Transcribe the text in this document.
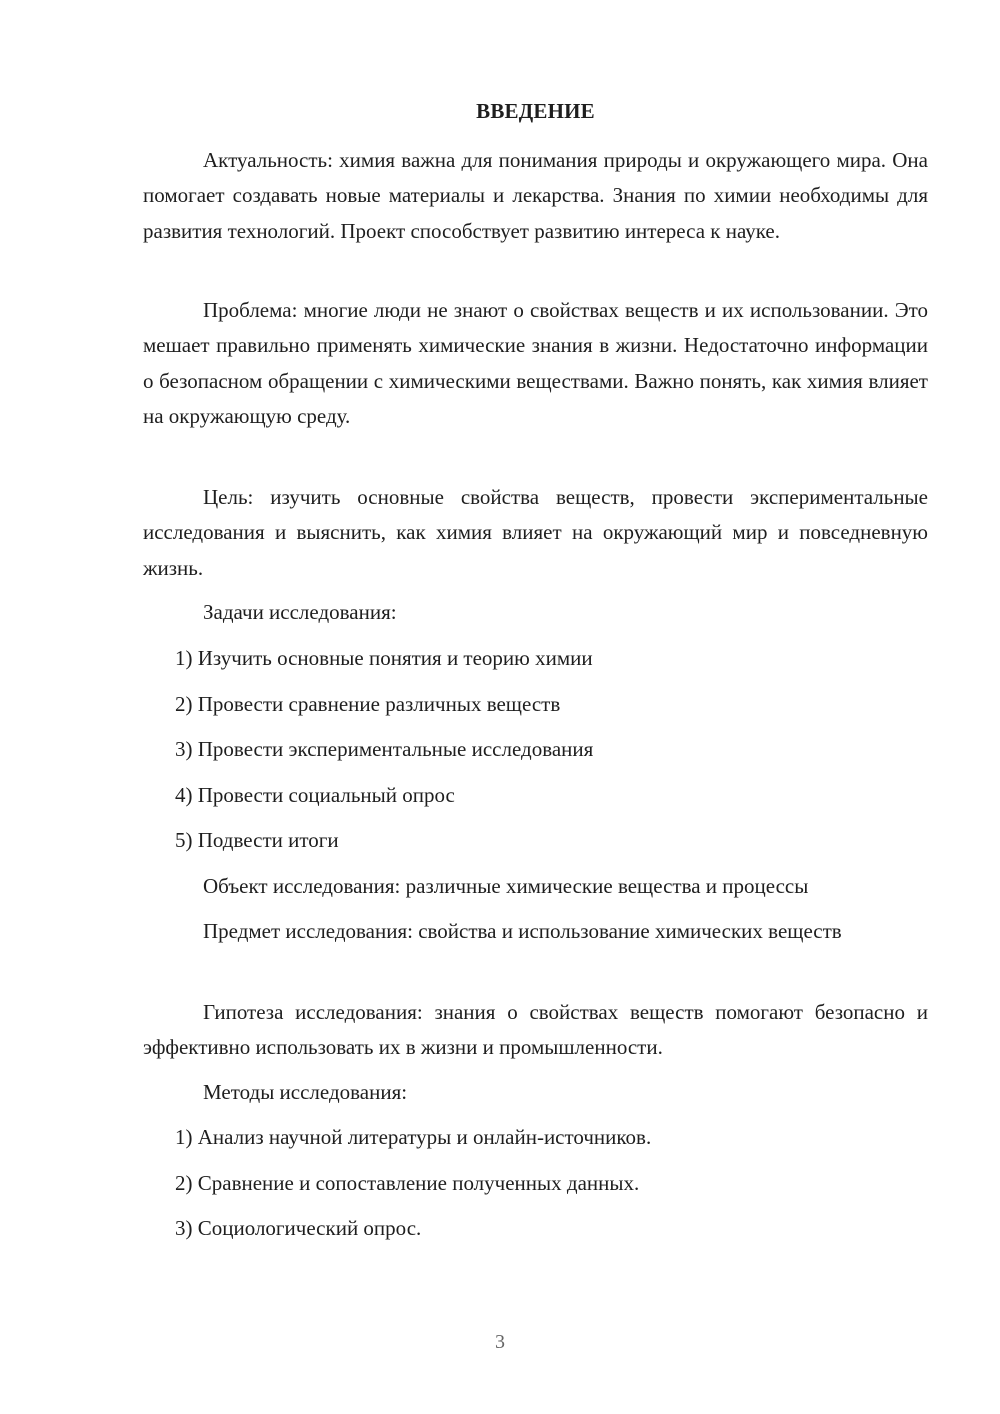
ВВЕДЕНИЕ

Актуальность: химия важна для понимания природы и окружающего мира. Она помогает создавать новые материалы и лекарства. Знания по химии необходимы для развития технологий. Проект способствует развитию интереса к науке.

Проблема: многие люди не знают о свойствах веществ и их использовании. Это мешает правильно применять химические знания в жизни. Недостаточно информации о безопасном обращении с химическими веществами. Важно понять, как химия влияет на окружающую среду.

Цель: изучить основные свойства веществ, провести экспериментальные исследования и выяснить, как химия влияет на окружающий мир и повседневную жизнь.

Задачи исследования:

1) Изучить основные понятия и теорию химии

2) Провести сравнение различных веществ

3) Провести экспериментальные исследования

4) Провести социальный опрос

5) Подвести итоги

Объект исследования: различные химические вещества и процессы

Предмет исследования: свойства и использование химических веществ

Гипотеза исследования: знания о свойствах веществ помогают безопасно и эффективно использовать их в жизни и промышленности.

Методы исследования:

1) Анализ научной литературы и онлайн-источников.

2) Сравнение и сопоставление полученных данных.

3) Социологический опрос.

3
